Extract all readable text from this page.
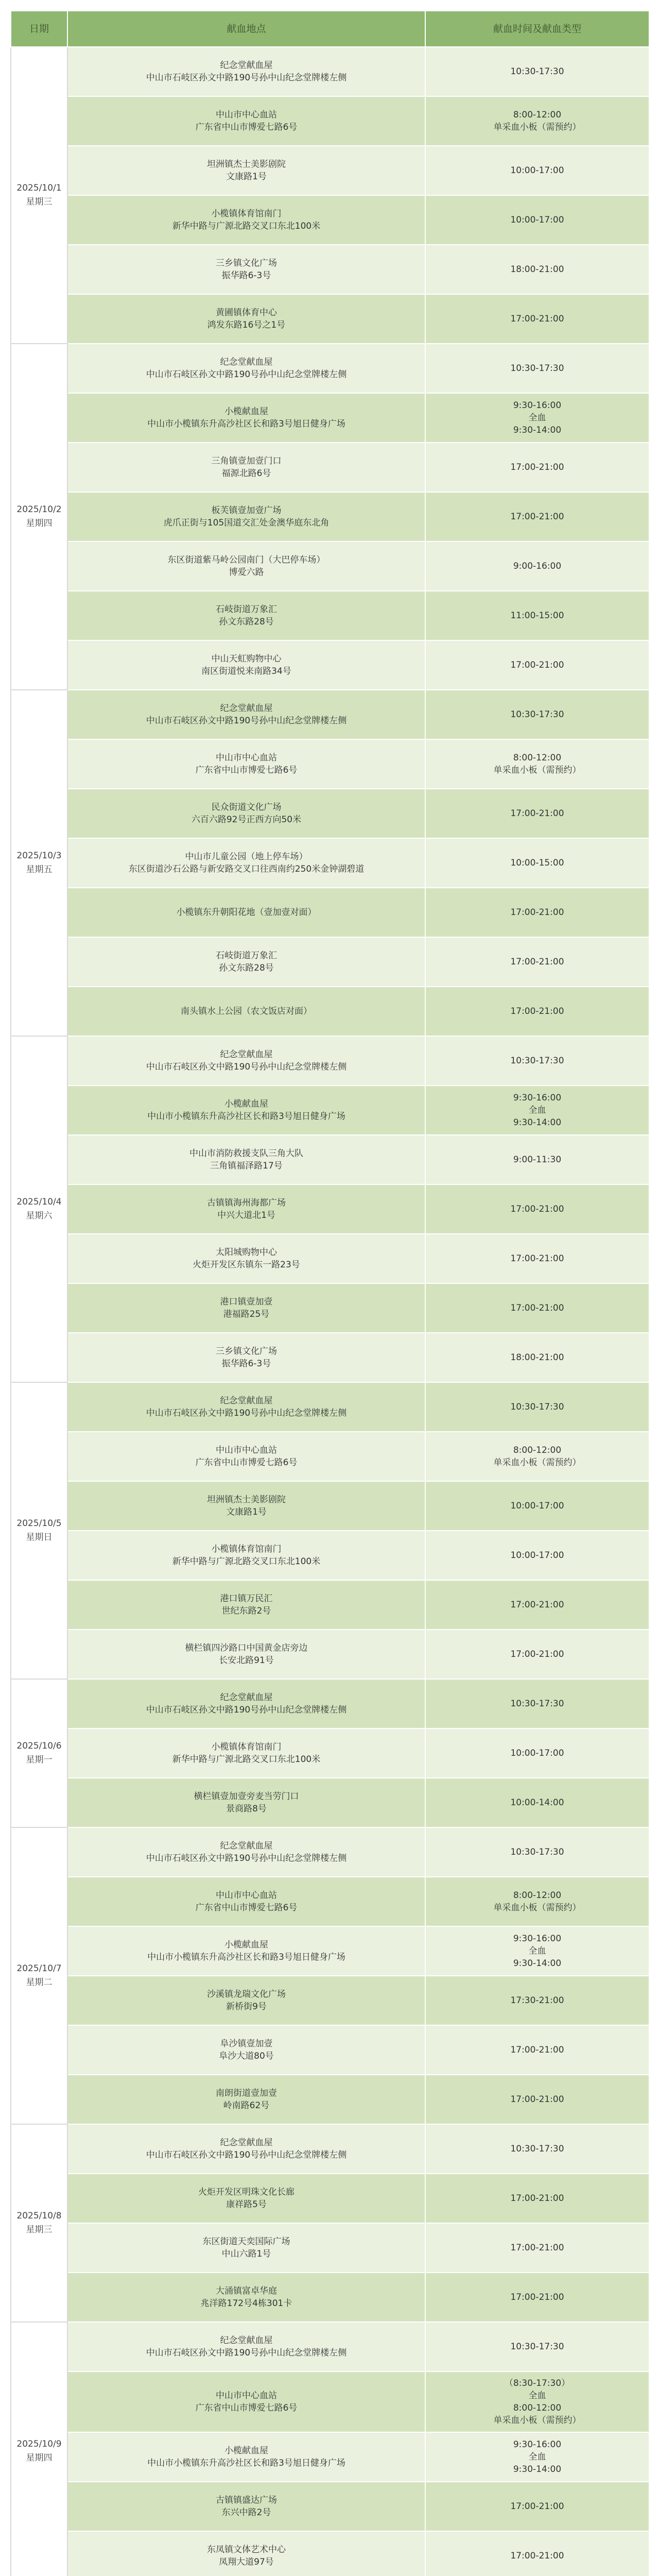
日期	献血地点	献血时间及献血类型

2025/10/1
星期三	纪念堂献血屋
中山市石岐区孙文中路190号孙中山纪念堂牌楼左侧	10:30-17:30

	中山市中心血站
广东省中山市博爱七路6号	8:00-12:00
单采血小板（需预约）

	坦洲镇杰士美影剧院
文康路1号	10:00-17:00

	小榄镇体育馆南门
新华中路与广源北路交叉口东北100米	10:00-17:00

	三乡镇文化广场
振华路6-3号	18:00-21:00

	黄圃镇体育中心
鸿发东路16号之1号	17:00-21:00

2025/10/2
星期四	纪念堂献血屋
中山市石岐区孙文中路190号孙中山纪念堂牌楼左侧	10:30-17:30

	小榄献血屋
中山市小榄镇东升高沙社区长和路3号旭日健身广场	9:30-16:00
全血
9:30-14:00

	三角镇壹加壹门口
福源北路6号	17:00-21:00

	板芙镇壹加壹广场
虎爪正街与105国道交汇处金澳华庭东北角	17:00-21:00

	东区街道紫马岭公园南门（大巴停车场）
博爱六路	9:00-16:00

	石岐街道万象汇
孙文东路28号	11:00-15:00

	中山天虹购物中心
南区街道悦来南路34号	17:00-21:00

2025/10/3
星期五	纪念堂献血屋
中山市石岐区孙文中路190号孙中山纪念堂牌楼左侧	10:30-17:30

	中山市中心血站
广东省中山市博爱七路6号	8:00-12:00
单采血小板（需预约）

	民众街道文化广场
六百六路92号正西方向50米	17:00-21:00

	中山市儿童公园（地上停车场）
东区街道沙石公路与新安路交叉口往西南约250米金钟湖碧道	10:00-15:00

	小榄镇东升朝阳花地（壹加壹对面）	17:00-21:00

	石岐街道万象汇
孙文东路28号	17:00-21:00

	南头镇水上公园（农文饭店对面）	17:00-21:00

2025/10/4
星期六	纪念堂献血屋
中山市石岐区孙文中路190号孙中山纪念堂牌楼左侧	10:30-17:30

	小榄献血屋
中山市小榄镇东升高沙社区长和路3号旭日健身广场	9:30-16:00
全血
9:30-14:00

	中山市消防救援支队三角大队
三角镇福泽路17号	9:00-11:30

	古镇镇海州海都广场
中兴大道北1号	17:00-21:00

	太阳城购物中心
火炬开发区东镇东一路23号	17:00-21:00

	港口镇壹加壹
港福路25号	17:00-21:00

	三乡镇文化广场
振华路6-3号	18:00-21:00

2025/10/5
星期日	纪念堂献血屋
中山市石岐区孙文中路190号孙中山纪念堂牌楼左侧	10:30-17:30

	中山市中心血站
广东省中山市博爱七路6号	8:00-12:00
单采血小板（需预约）

	坦洲镇杰士美影剧院
文康路1号	10:00-17:00

	小榄镇体育馆南门
新华中路与广源北路交叉口东北100米	10:00-17:00

	港口镇万民汇
世纪东路2号	17:00-21:00

	横栏镇四沙路口中国黄金店旁边
长安北路91号	17:00-21:00

2025/10/6
星期一	纪念堂献血屋
中山市石岐区孙文中路190号孙中山纪念堂牌楼左侧	10:30-17:30

	小榄镇体育馆南门
新华中路与广源北路交叉口东北100米	10:00-17:00

	横栏镇壹加壹旁麦当劳门口
景商路8号	10:00-14:00

2025/10/7
星期二	纪念堂献血屋
中山市石岐区孙文中路190号孙中山纪念堂牌楼左侧	10:30-17:30

	中山市中心血站
广东省中山市博爱七路6号	8:00-12:00
单采血小板（需预约）

	小榄献血屋
中山市小榄镇东升高沙社区长和路3号旭日健身广场	9:30-16:00
全血
9:30-14:00

	沙溪镇龙瑞文化广场
新桥街9号	17:30-21:00

	阜沙镇壹加壹
阜沙大道80号	17:00-21:00

	南朗街道壹加壹
岭南路62号	17:00-21:00

2025/10/8
星期三	纪念堂献血屋
中山市石岐区孙文中路190号孙中山纪念堂牌楼左侧	10:30-17:30

	火炬开发区明珠文化长廊
康祥路5号	17:00-21:00

	东区街道天奕国际广场
中山六路1号	17:00-21:00

	大涌镇富卓华庭
兆洋路172号4栋301卡	17:00-21:00

2025/10/9
星期四	纪念堂献血屋
中山市石岐区孙文中路190号孙中山纪念堂牌楼左侧	10:30-17:30

	中山市中心血站
广东省中山市博爱七路6号	（8:30-17:30）
全血
8:00-12:00
单采血小板（需预约）

	小榄献血屋
中山市小榄镇东升高沙社区长和路3号旭日健身广场	9:30-16:00
全血
9:30-14:00

	古镇镇盛达广场
东兴中路2号	17:00-21:00

	东凤镇文体艺术中心
凤翔大道97号	17:00-21:00
